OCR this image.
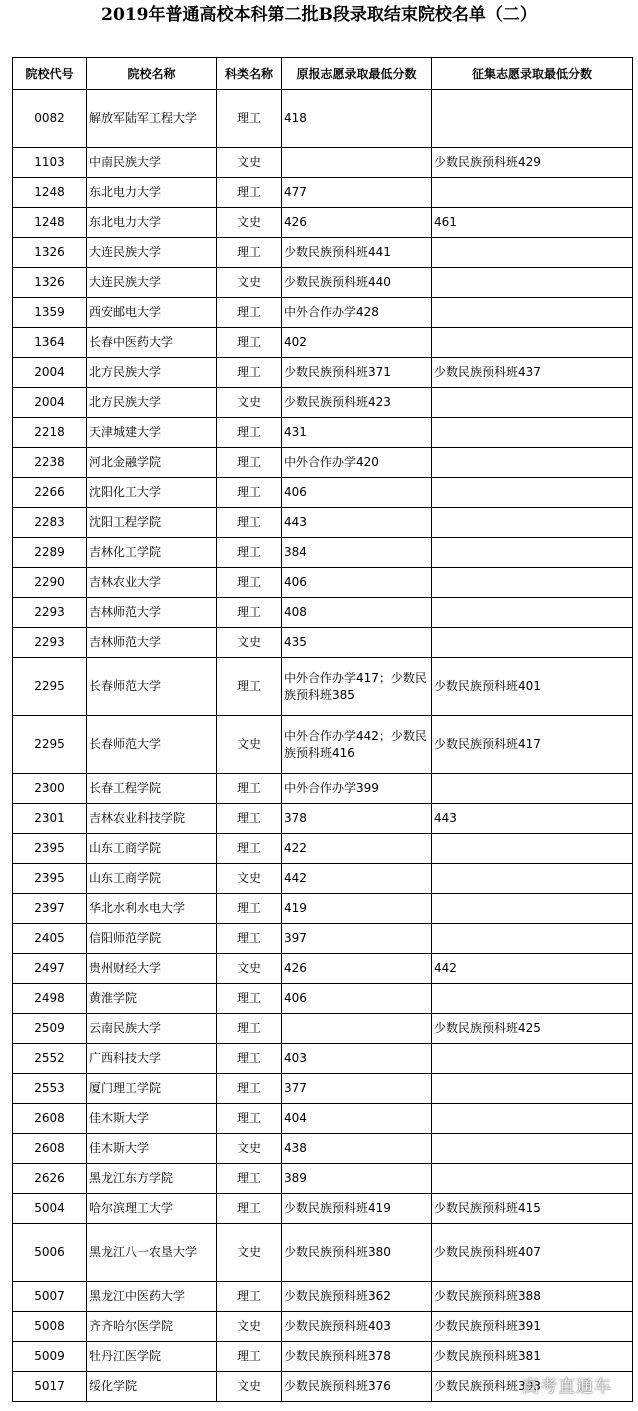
2019年普通高校本科第二批B段录取结束院校名单（二）
院校代号	院校名称	科类名称	原报志愿录取最低分数	征集志愿录取最低分数
0082	解放军陆军工程大学	理工	418	
1103	中南民族大学	文史		少数民族预科班429
1248	东北电力大学	理工	477	
1248	东北电力大学	文史	426	461
1326	大连民族大学	理工	少数民族预科班441	
1326	大连民族大学	文史	少数民族预科班440	
1359	西安邮电大学	理工	中外合作办学428	
1364	长春中医药大学	理工	402	
2004	北方民族大学	理工	少数民族预科班371	少数民族预科班437
2004	北方民族大学	文史	少数民族预科班423	
2218	天津城建大学	理工	431	
2238	河北金融学院	理工	中外合作办学420	
2266	沈阳化工大学	理工	406	
2283	沈阳工程学院	理工	443	
2289	吉林化工学院	理工	384	
2290	吉林农业大学	理工	406	
2293	吉林师范大学	理工	408	
2293	吉林师范大学	文史	435	
2295	长春师范大学	理工	中外合作办学417；少数民族预科班385	少数民族预科班401
2295	长春师范大学	文史	中外合作办学442；少数民族预科班416	少数民族预科班417
2300	长春工程学院	理工	中外合作办学399	
2301	吉林农业科技学院	理工	378	443
2395	山东工商学院	理工	422	
2395	山东工商学院	文史	442	
2397	华北水利水电大学	理工	419	
2405	信阳师范学院	理工	397	
2497	贵州财经大学	文史	426	442
2498	黄淮学院	理工	406	
2509	云南民族大学	理工		少数民族预科班425
2552	广西科技大学	理工	403	
2553	厦门理工学院	理工	377	
2608	佳木斯大学	理工	404	
2608	佳木斯大学	文史	438	
2626	黑龙江东方学院	理工	389	
5004	哈尔滨理工大学	理工	少数民族预科班419	少数民族预科班415
5006	黑龙江八一农垦大学	文史	少数民族预科班380	少数民族预科班407
5007	黑龙江中医药大学	理工	少数民族预科班362	少数民族预科班388
5008	齐齐哈尔医学院	文史	少数民族预科班403	少数民族预科班391
5009	牡丹江医学院	理工	少数民族预科班378	少数民族预科班381
5017	绥化学院	文史	少数民族预科班376	少数民族预科班393
高考直通车
